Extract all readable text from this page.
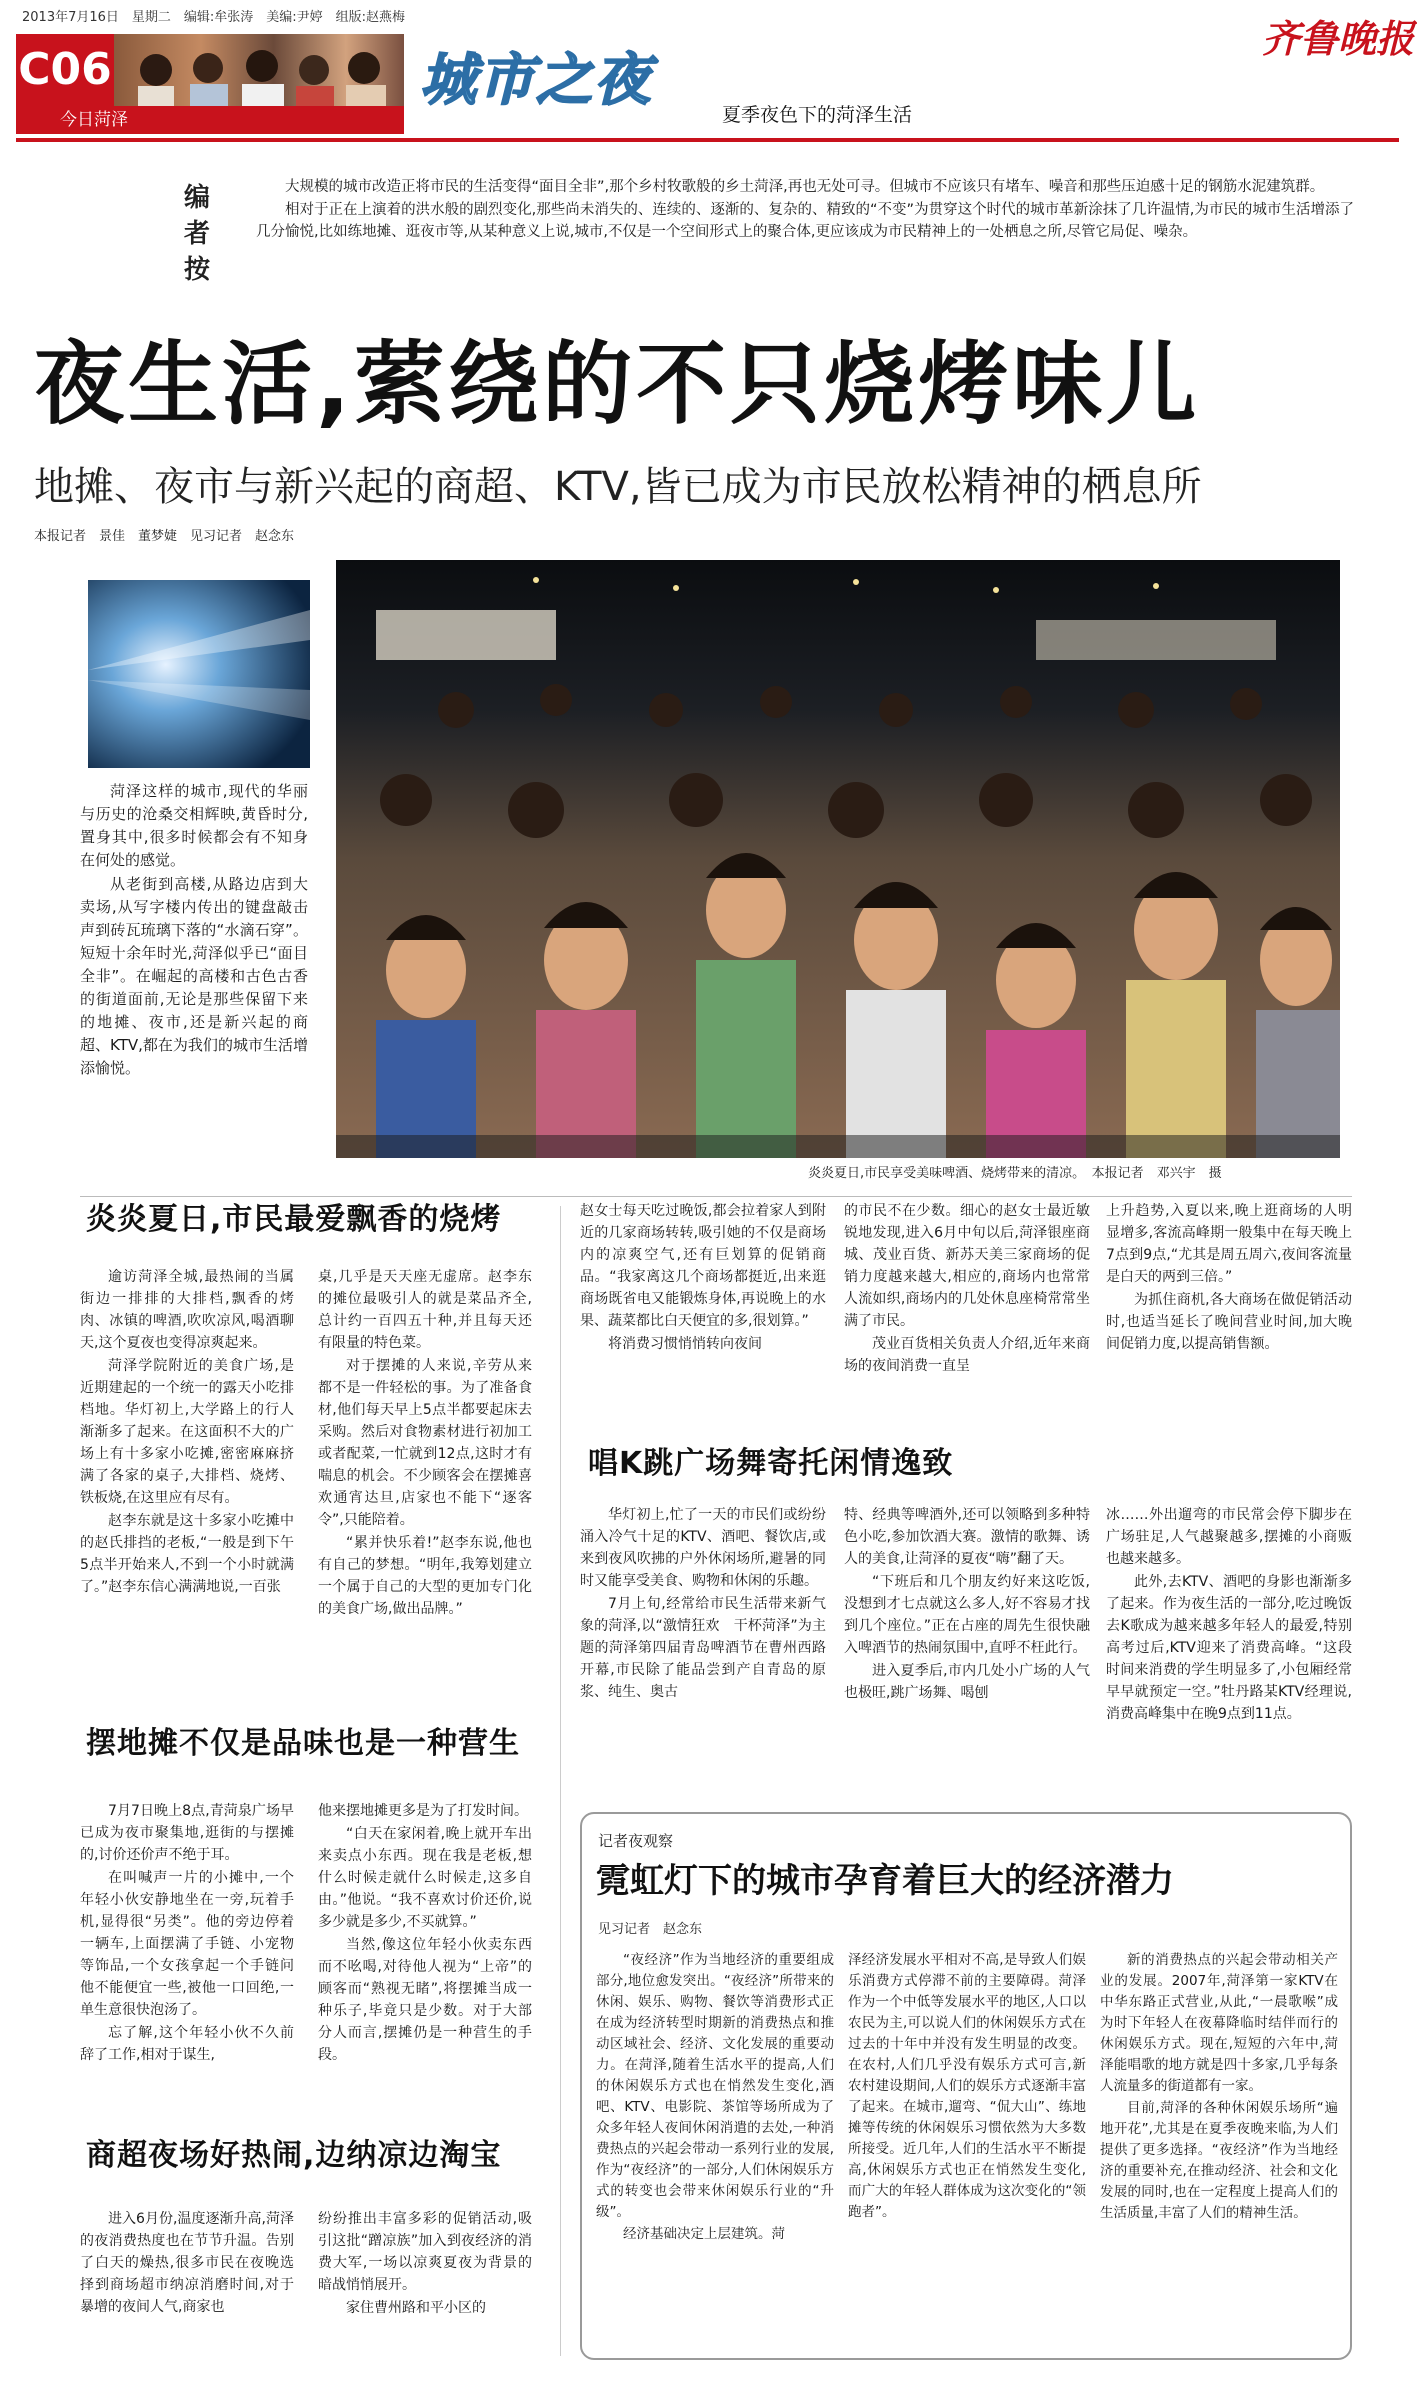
2013年7月16日　星期二　编辑:牟张涛　美编:尹婷　组版:赵燕梅	齐鲁晚报
C06
今日菏泽
城市之夜
夏季夜色下的菏泽生活
编
者
按

大规模的城市改造正将市民的生活变得“面目全非”,那个乡村牧歌般的乡土菏泽,再也无处可寻。但城市不应该只有堵车、噪音和那些压迫感十足的钢筋水泥建筑群。

相对于正在上演着的洪水般的剧烈变化,那些尚未消失的、连续的、逐渐的、复杂的、精致的“不变”为贯穿这个时代的城市革新涂抹了几许温情,为市民的城市生活增添了几分愉悦,比如练地摊、逛夜市等,从某种意义上说,城市,不仅是一个空间形式上的聚合体,更应该成为市民精神上的一处栖息之所,尽管它局促、噪杂。

夜生活,萦绕的不只烧烤味儿
地摊、夜市与新兴起的商超、KTV,皆已成为市民放松精神的栖息所
本报记者　景佳　董梦婕　见习记者　赵念东

菏泽这样的城市,现代的华丽与历史的沧桑交相辉映,黄昏时分,置身其中,很多时候都会有不知身在何处的感觉。

从老街到高楼,从路边店到大卖场,从写字楼内传出的键盘敲击声到砖瓦琉璃下落的“水滴石穿”。短短十余年时光,菏泽似乎已“面目全非”。在崛起的高楼和古色古香的街道面前,无论是那些保留下来的地摊、夜市,还是新兴起的商超、KTV,都在为我们的城市生活增添愉悦。

炎炎夏日,市民享受美味啤酒、烧烤带来的清凉。　本报记者　邓兴宇　摄
炎炎夏日,市民最爱飘香的烧烤

逾访菏泽全城,最热闹的当属街边一排排的大排档,飘香的烤肉、冰镇的啤酒,吹吹凉风,喝酒聊天,这个夏夜也变得凉爽起来。

菏泽学院附近的美食广场,是近期建起的一个统一的露天小吃排档地。华灯初上,大学路上的行人渐渐多了起来。在这面积不大的广场上有十多家小吃摊,密密麻麻挤满了各家的桌子,大排档、烧烤、铁板烧,在这里应有尽有。

赵李东就是这十多家小吃摊中的赵氏排挡的老板,“一般是到下午5点半开始来人,不到一个小时就满了。”赵李东信心满满地说,一百张

桌,几乎是天天座无虚席。赵李东的摊位最吸引人的就是菜品齐全,总计约一百四五十种,并且每天还有限量的特色菜。

对于摆摊的人来说,辛劳从来都不是一件轻松的事。为了准备食材,他们每天早上5点半都要起床去采购。然后对食物素材进行初加工或者配菜,一忙就到12点,这时才有喘息的机会。不少顾客会在摆摊喜欢通宵达旦,店家也不能下“逐客令”,只能陪着。

“累并快乐着!”赵李东说,他也有自己的梦想。“明年,我筹划建立一个属于自己的大型的更加专门化的美食广场,做出品牌。”

摆地摊不仅是品味也是一种营生

7月7日晚上8点,青菏泉广场早已成为夜市聚集地,逛街的与摆摊的,讨价还价声不绝于耳。

在叫喊声一片的小摊中,一个年轻小伙安静地坐在一旁,玩着手机,显得很“另类”。他的旁边停着一辆车,上面摆满了手链、小宠物等饰品,一个女孩拿起一个手链问他不能便宜一些,被他一口回绝,一单生意很快泡汤了。

忘了解,这个年轻小伙不久前辞了工作,相对于谋生,

他来摆地摊更多是为了打发时间。

“白天在家闲着,晚上就开车出来卖点小东西。现在我是老板,想什么时候走就什么时候走,这多自由。”他说。“我不喜欢讨价还价,说多少就是多少,不买就算。”

当然,像这位年轻小伙卖东西而不吆喝,对待他人视为“上帝”的顾客而“熟视无睹”,将摆摊当成一种乐子,毕竟只是少数。对于大部分人而言,摆摊仍是一种营生的手段。

商超夜场好热闹,边纳凉边淘宝

进入6月份,温度逐渐升高,菏泽的夜消费热度也在节节升温。告别了白天的燥热,很多市民在夜晚选择到商场超市纳凉消磨时间,对于暴增的夜间人气,商家也

纷纷推出丰富多彩的促销活动,吸引这批“蹭凉族”加入到夜经济的消费大军,一场以凉爽夏夜为背景的暗战悄悄展开。

家住曹州路和平小区的

赵女士每天吃过晚饭,都会拉着家人到附近的几家商场转转,吸引她的不仅是商场内的凉爽空气,还有巨划算的促销商品。“我家离这几个商场都挺近,出来逛商场既省电又能锻炼身体,再说晚上的水果、蔬菜都比白天便宜的多,很划算。”

将消费习惯悄悄转向夜间

的市民不在少数。细心的赵女士最近敏锐地发现,进入6月中旬以后,菏泽银座商城、茂业百货、新苏天美三家商场的促销力度越来越大,相应的,商场内也常常人流如织,商场内的几处休息座椅常常坐满了市民。

茂业百货相关负责人介绍,近年来商场的夜间消费一直呈

上升趋势,入夏以来,晚上逛商场的人明显增多,客流高峰期一般集中在每天晚上7点到9点,“尤其是周五周六,夜间客流量是白天的两到三倍。”

为抓住商机,各大商场在做促销活动时,也适当延长了晚间营业时间,加大晚间促销力度,以提高销售额。

唱K跳广场舞寄托闲情逸致

华灯初上,忙了一天的市民们或纷纷涌入冷气十足的KTV、酒吧、餐饮店,或来到夜风吹拂的户外休闲场所,避暑的同时又能享受美食、购物和休闲的乐趣。

7月上旬,经常给市民生活带来新气象的菏泽,以“激情狂欢　干杯菏泽”为主题的菏泽第四届青岛啤酒节在曹州西路开幕,市民除了能品尝到产自青岛的原浆、纯生、奥古

特、经典等啤酒外,还可以领略到多种特色小吃,参加饮酒大赛。激情的歌舞、诱人的美食,让菏泽的夏夜“嗨”翻了天。

“下班后和几个朋友约好来这吃饭,没想到才七点就这么多人,好不容易才找到几个座位。”正在占座的周先生很快融入啤酒节的热闹氛围中,直呼不枉此行。

进入夏季后,市内几处小广场的人气也极旺,跳广场舞、喝刨

冰……外出遛弯的市民常会停下脚步在广场驻足,人气越聚越多,摆摊的小商贩也越来越多。

此外,去KTV、酒吧的身影也渐渐多了起来。作为夜生活的一部分,吃过晚饭去K歌成为越来越多年轻人的最爱,特别高考过后,KTV迎来了消费高峰。“这段时间来消费的学生明显多了,小包厢经常早早就预定一空。”牡丹路某KTV经理说,消费高峰集中在晚9点到11点。

记者夜观察
霓虹灯下的城市孕育着巨大的经济潜力
见习记者　赵念东

“夜经济”作为当地经济的重要组成部分,地位愈发突出。“夜经济”所带来的休闲、娱乐、购物、餐饮等消费形式正在成为经济转型时期新的消费热点和推动区域社会、经济、文化发展的重要动力。在菏泽,随着生活水平的提高,人们的休闲娱乐方式也在悄然发生变化,酒吧、KTV、电影院、茶馆等场所成为了众多年轻人夜间休闲消遣的去处,一种消费热点的兴起会带动一系列行业的发展,作为“夜经济”的一部分,人们休闲娱乐方式的转变也会带来休闲娱乐行业的“升级”。

经济基础决定上层建筑。菏

泽经济发展水平相对不高,是导致人们娱乐消费方式停滞不前的主要障碍。菏泽作为一个中低等发展水平的地区,人口以农民为主,可以说人们的休闲娱乐方式在过去的十年中并没有发生明显的改变。在农村,人们几乎没有娱乐方式可言,新农村建设期间,人们的娱乐方式逐渐丰富了起来。在城市,遛弯、“侃大山”、练地摊等传统的休闲娱乐习惯依然为大多数所接受。近几年,人们的生活水平不断提高,休闲娱乐方式也正在悄然发生变化,而广大的年轻人群体成为这次变化的“领跑者”。

新的消费热点的兴起会带动相关产业的发展。2007年,菏泽第一家KTV在中华东路正式营业,从此,“一晨歌喉”成为时下年轻人在夜幕降临时结伴而行的休闲娱乐方式。现在,短短的六年中,菏泽能唱歌的地方就是四十多家,几乎每条人流量多的街道都有一家。

目前,菏泽的各种休闲娱乐场所“遍地开花”,尤其是在夏季夜晚来临,为人们提供了更多选择。“夜经济”作为当地经济的重要补充,在推动经济、社会和文化发展的同时,也在一定程度上提高人们的生活质量,丰富了人们的精神生活。
